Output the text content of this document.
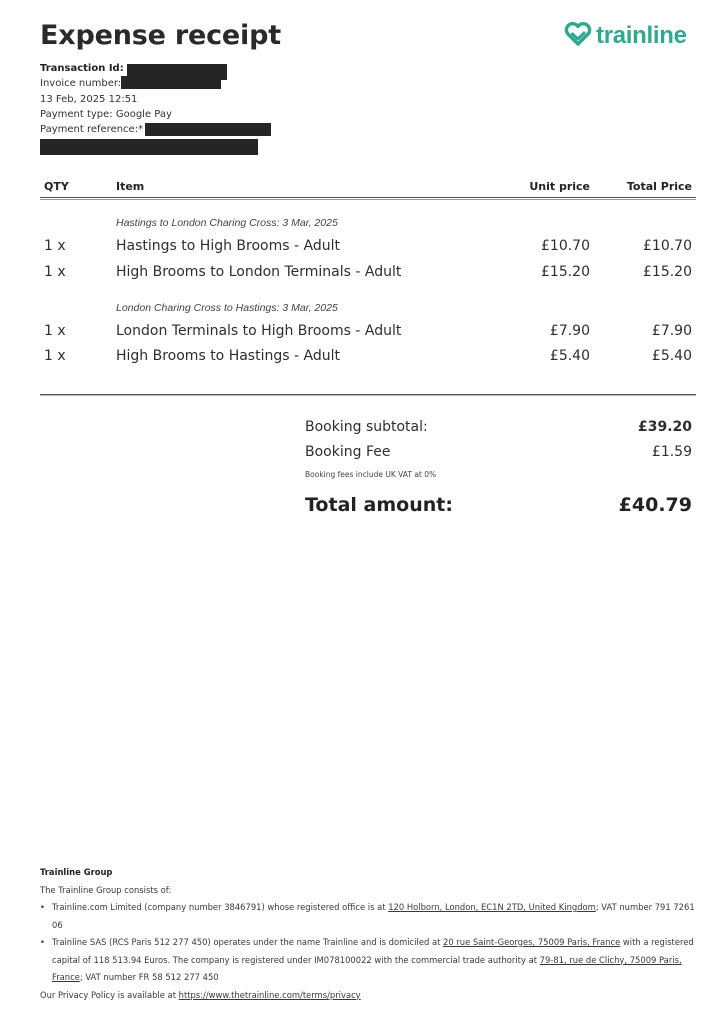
Expense receipt	trainline
Transaction Id:
Invoice number:
13 Feb, 2025 12:51
Payment type: Google Pay
Payment reference: *
QTY	Item	Unit price	Total Price
Hastings to London Charing Cross: 3 Mar, 2025
1 x	Hastings to High Brooms - Adult	£10.70	£10.70
1 x	High Brooms to London Terminals - Adult	£15.20	£15.20
London Charing Cross to Hastings: 3 Mar, 2025
1 x	London Terminals to High Brooms - Adult	£7.90	£7.90
1 x	High Brooms to Hastings - Adult	£5.40	£5.40
Booking subtotal:	£39.20
Booking Fee	£1.59
Booking fees include UK VAT at 0%
Total amount:	£40.79
Trainline Group
The Trainline Group consists of:
• Trainline.com Limited (company number 3846791) whose registered office is at 120 Holborn, London, EC1N 2TD, United Kingdom; VAT number 791 7261 06
• Trainline SAS (RCS Paris 512 277 450) operates under the name Trainline and is domiciled at 20 rue Saint-Georges, 75009 Paris, France with a registered capital of 118 513.94 Euros. The company is registered under IM078100022 with the commercial trade authority at 79-81, rue de Clichy, 75009 Paris, France; VAT number FR 58 512 277 450
Our Privacy Policy is available at https://www.thetrainline.com/terms/privacy
